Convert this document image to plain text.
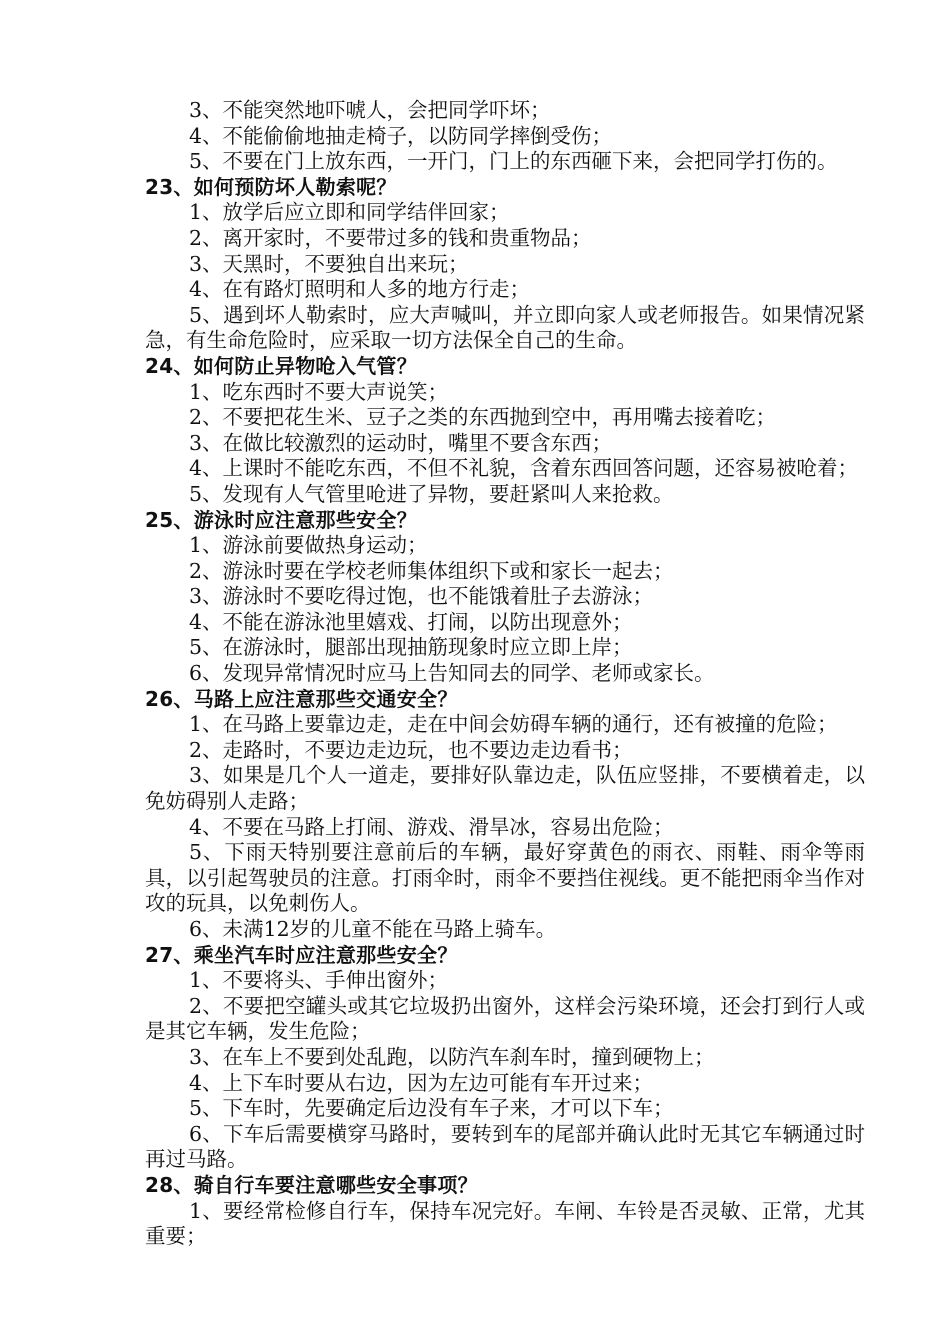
3、不能突然地吓唬人，会把同学吓坏；

4、不能偷偷地抽走椅子，以防同学摔倒受伤；

5、不要在门上放东西，一开门，门上的东西砸下来，会把同学打伤的。

23、如何预防坏人勒索呢？

1、放学后应立即和同学结伴回家；

2、离开家时，不要带过多的钱和贵重物品；

3、天黑时，不要独自出来玩；

4、在有路灯照明和人多的地方行走；

5、遇到坏人勒索时，应大声喊叫，并立即向家人或老师报告。如果情况紧急，有生命危险时，应采取一切方法保全自己的生命。

24、如何防止异物呛入气管？

1、吃东西时不要大声说笑；

2、不要把花生米、豆子之类的东西抛到空中，再用嘴去接着吃；

3、在做比较激烈的运动时，嘴里不要含东西；

4、上课时不能吃东西，不但不礼貌，含着东西回答问题，还容易被呛着；

5、发现有人气管里呛进了异物，要赶紧叫人来抢救。

25、游泳时应注意那些安全？

1、游泳前要做热身运动；

2、游泳时要在学校老师集体组织下或和家长一起去；

3、游泳时不要吃得过饱，也不能饿着肚子去游泳；

4、不能在游泳池里嬉戏、打闹，以防出现意外；

5、在游泳时，腿部出现抽筋现象时应立即上岸；

6、发现异常情况时应马上告知同去的同学、老师或家长。

26、马路上应注意那些交通安全？

1、在马路上要靠边走，走在中间会妨碍车辆的通行，还有被撞的危险；

2、走路时，不要边走边玩，也不要边走边看书；

3、如果是几个人一道走，要排好队靠边走，队伍应竖排，不要横着走，以免妨碍别人走路；

4、不要在马路上打闹、游戏、滑旱冰，容易出危险；

5、下雨天特别要注意前后的车辆，最好穿黄色的雨衣、雨鞋、雨伞等雨具，以引起驾驶员的注意。打雨伞时，雨伞不要挡住视线。更不能把雨伞当作对攻的玩具，以免刺伤人。

6、未满12岁的儿童不能在马路上骑车。

27、乘坐汽车时应注意那些安全？

1、不要将头、手伸出窗外；

2、不要把空罐头或其它垃圾扔出窗外，这样会污染环境，还会打到行人或是其它车辆，发生危险；

3、在车上不要到处乱跑，以防汽车刹车时，撞到硬物上；

4、上下车时要从右边，因为左边可能有车开过来；

5、下车时，先要确定后边没有车子来，才可以下车；

6、下车后需要横穿马路时，要转到车的尾部并确认此时无其它车辆通过时再过马路。

28、骑自行车要注意哪些安全事项？

1、要经常检修自行车，保持车况完好。车闸、车铃是否灵敏、正常，尤其重要；
